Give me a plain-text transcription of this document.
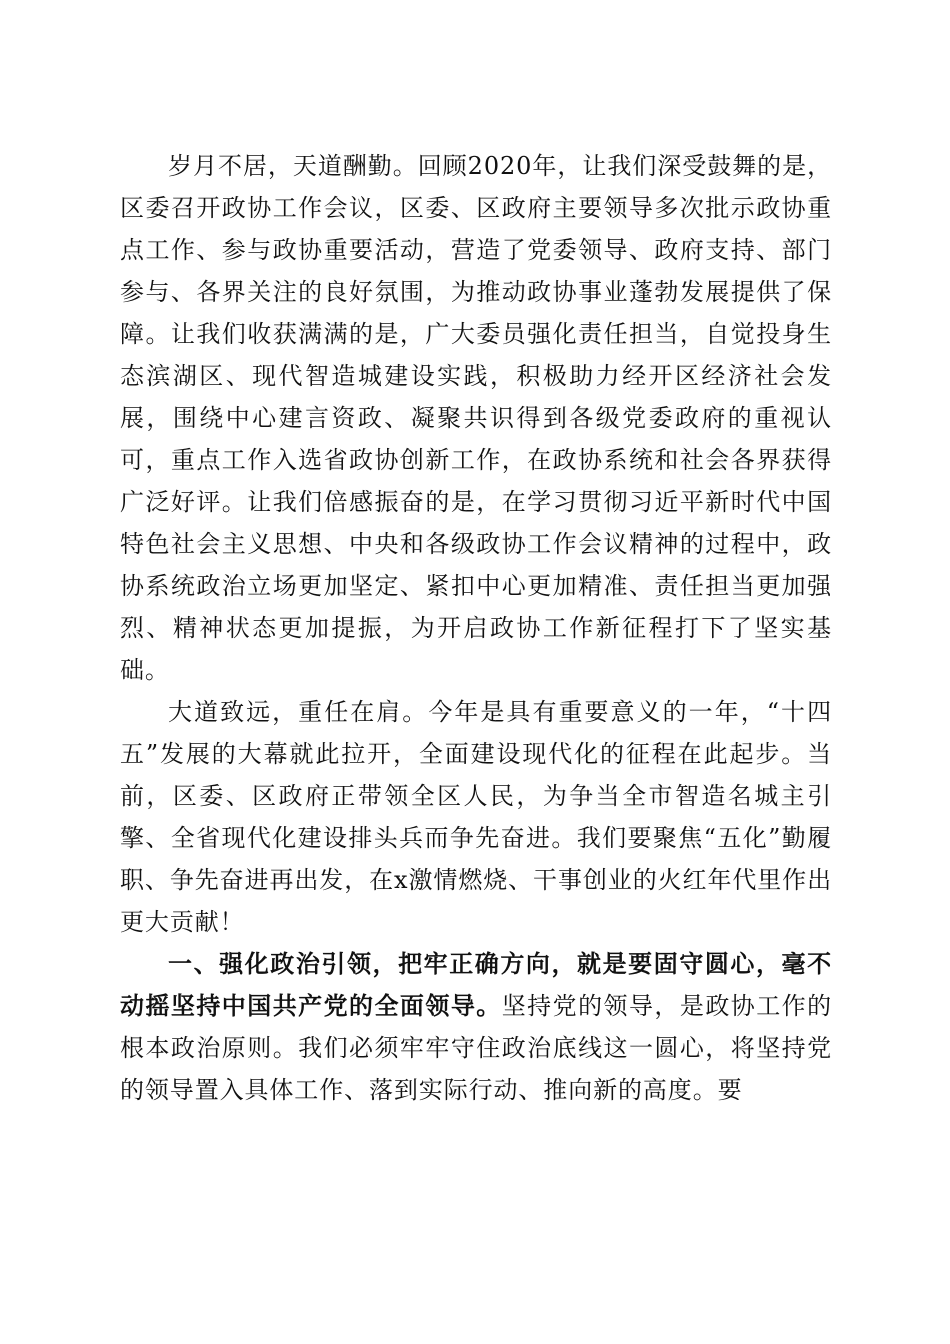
岁月不居，天道酬勤。回顾2020年，让我们深受鼓舞的是，区委召开政协工作会议，区委、区政府主要领导多次批示政协重点工作、参与政协重要活动，营造了党委领导、政府支持、部门参与、各界关注的良好氛围，为推动政协事业蓬勃发展提供了保障。让我们收获满满的是，广大委员强化责任担当，自觉投身生态滨湖区、现代智造城建设实践，积极助力经开区经济社会发展，围绕中心建言资政、凝聚共识得到各级党委政府的重视认可，重点工作入选省政协创新工作，在政协系统和社会各界获得广泛好评。让我们倍感振奋的是，在学习贯彻习近平新时代中国特色社会主义思想、中央和各级政协工作会议精神的过程中，政协系统政治立场更加坚定、紧扣中心更加精准、责任担当更加强烈、精神状态更加提振，为开启政协工作新征程打下了坚实基础。

大道致远，重任在肩。今年是具有重要意义的一年，“十四五”发展的大幕就此拉开，全面建设现代化的征程在此起步。当前，区委、区政府正带领全区人民，为争当全市智造名城主引擎、全省现代化建设排头兵而争先奋进。我们要聚焦“五化”勤履职、争先奋进再出发，在x激情燃烧、干事创业的火红年代里作出更大贡献！

一、强化政治引领，把牢正确方向，就是要固守圆心，毫不动摇坚持中国共产党的全面领导。坚持党的领导，是政协工作的根本政治原则。我们必须牢牢守住政治底线这一圆心，将坚持党的领导置入具体工作、落到实际行动、推向新的高度。要
